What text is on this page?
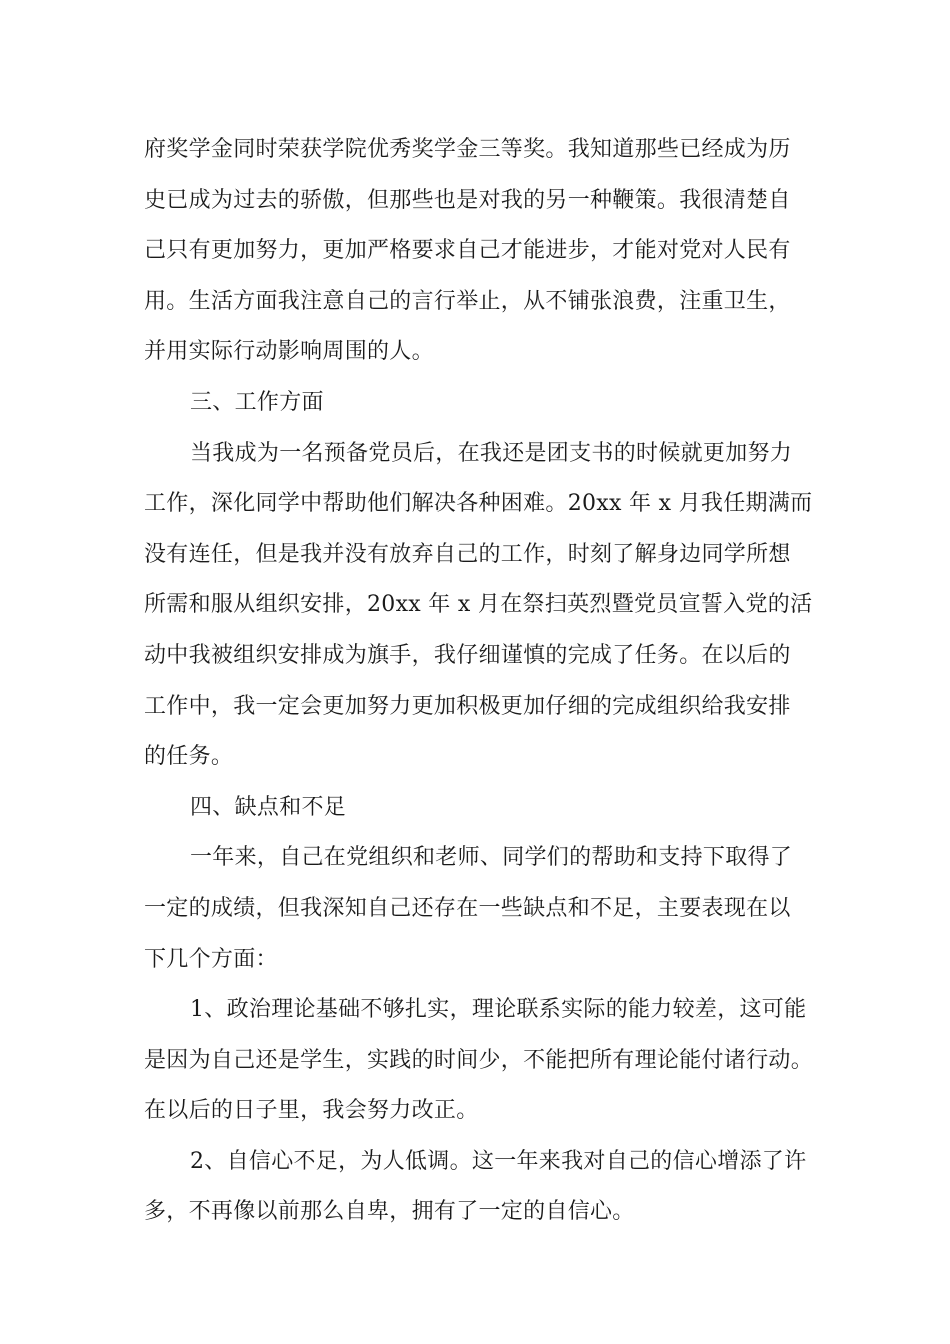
府奖学金同时荣获学院优秀奖学金三等奖。我知道那些已经成为历
史已成为过去的骄傲，但那些也是对我的另一种鞭策。我很清楚自
己只有更加努力，更加严格要求自己才能进步，才能对党对人民有
用。生活方面我注意自己的言行举止，从不铺张浪费，注重卫生，
并用实际行动影响周围的人。
三、工作方面
当我成为一名预备党员后，在我还是团支书的时候就更加努力
工作，深化同学中帮助他们解决各种困难。20xx 年 x 月我任期满而
没有连任，但是我并没有放弃自己的工作，时刻了解身边同学所想
所需和服从组织安排，20xx 年 x 月在祭扫英烈暨党员宣誓入党的活
动中我被组织安排成为旗手，我仔细谨慎的完成了任务。在以后的
工作中，我一定会更加努力更加积极更加仔细的完成组织给我安排
的任务。
四、缺点和不足
一年来，自己在党组织和老师、同学们的帮助和支持下取得了
一定的成绩，但我深知自己还存在一些缺点和不足，主要表现在以
下几个方面：
1、政治理论基础不够扎实，理论联系实际的能力较差，这可能
是因为自己还是学生，实践的时间少，不能把所有理论能付诸行动。
在以后的日子里，我会努力改正。
2、自信心不足，为人低调。这一年来我对自己的信心增添了许
多，不再像以前那么自卑，拥有了一定的自信心。
